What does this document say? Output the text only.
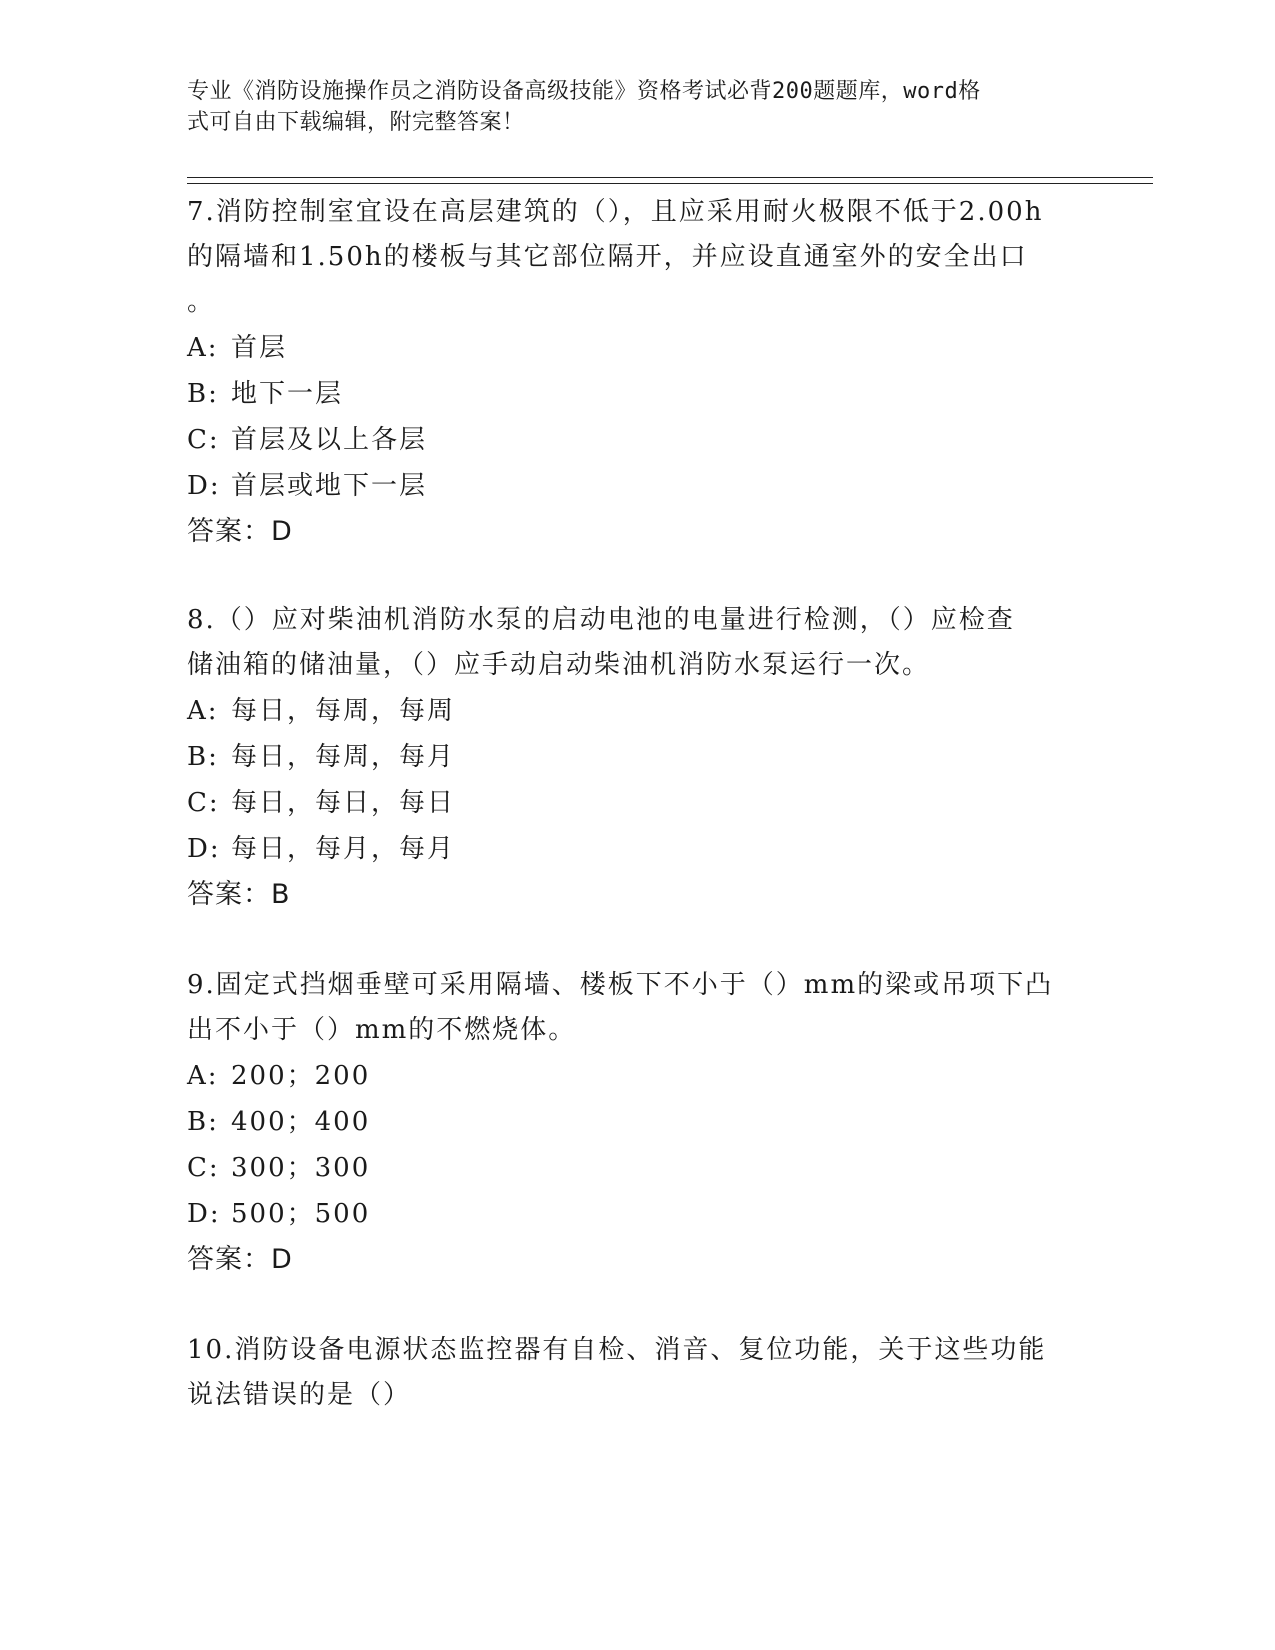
专业《消防设施操作员之消防设备高级技能》资格考试必背200题题库，word格
式可自由下载编辑，附完整答案！

7.消防控制室宜设在高层建筑的（），且应采用耐火极限不低于2.00h

的隔墙和1.50h的楼板与其它部位隔开，并应设直通室外的安全出口

。

A: 首层

B: 地下一层

C: 首层及以上各层

D: 首层或地下一层

答案：D

8.（）应对柴油机消防水泵的启动电池的电量进行检测，（）应检查

储油箱的储油量，（）应手动启动柴油机消防水泵运行一次。

A: 每日，每周，每周

B: 每日，每周，每月

C: 每日，每日，每日

D: 每日，每月，每月

答案：B

9.固定式挡烟垂壁可采用隔墙、楼板下不小于（）mm的梁或吊项下凸

出不小于（）mm的不燃烧体。

A: 200；200

B: 400；400

C: 300；300

D: 500；500

答案：D

10.消防设备电源状态监控器有自检、消音、复位功能，关于这些功能

说法错误的是（）
